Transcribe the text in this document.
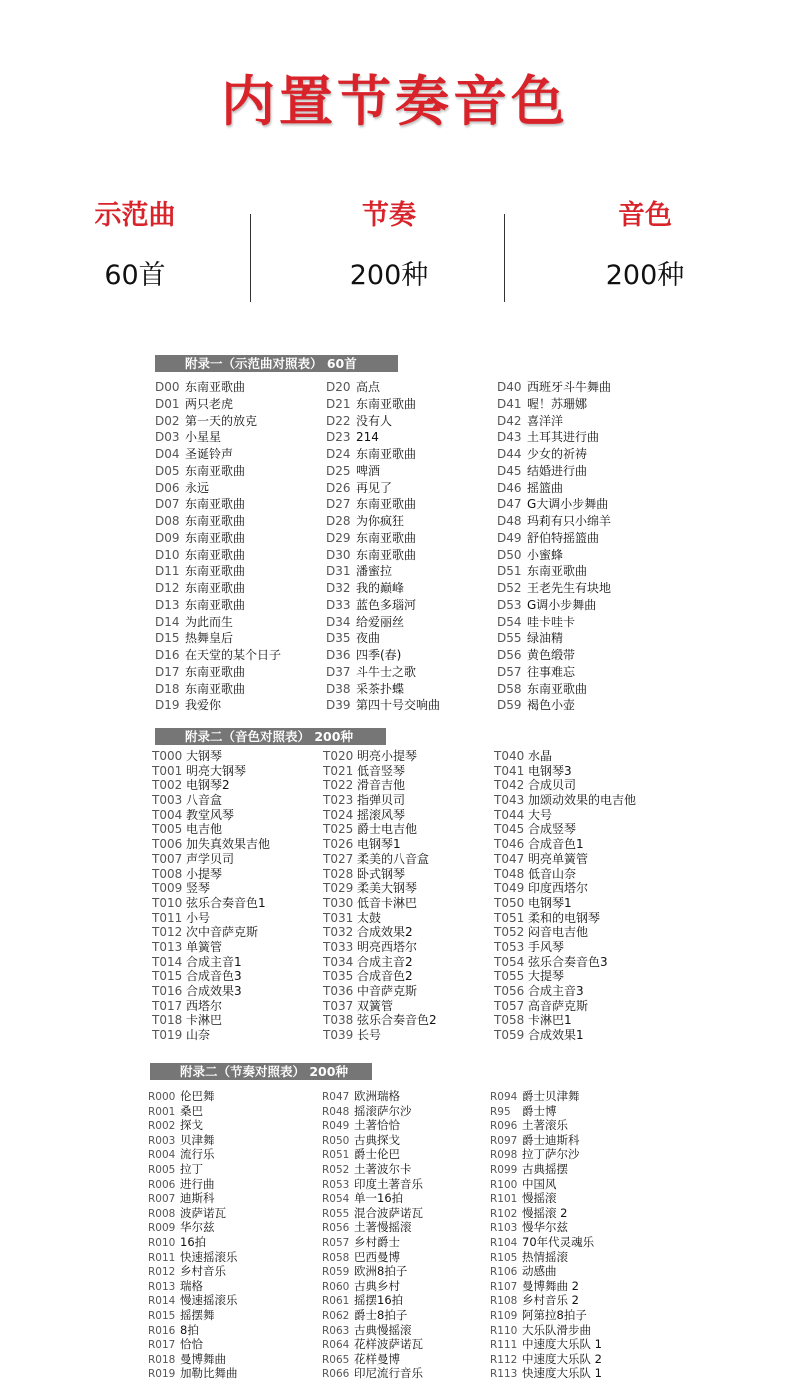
内置节奏音色
示范曲
60首
节奏
200种
音色
200种
附录一（示范曲对照表） 60首
D00 东南亚歌曲
D01 两只老虎
D02 第一天的放克
D03 小星星
D04 圣诞铃声
D05 东南亚歌曲
D06 永远
D07 东南亚歌曲
D08 东南亚歌曲
D09 东南亚歌曲
D10 东南亚歌曲
D11 东南亚歌曲
D12 东南亚歌曲
D13 东南亚歌曲
D14 为此而生
D15 热舞皇后
D16 在天堂的某个日子
D17 东南亚歌曲
D18 东南亚歌曲
D19 我爱你
D20 高点
D21 东南亚歌曲
D22 没有人
D23 214
D24 东南亚歌曲
D25 啤酒
D26 再见了
D27 东南亚歌曲
D28 为你疯狂
D29 东南亚歌曲
D30 东南亚歌曲
D31 潘蜜拉
D32 我的巅峰
D33 蓝色多瑙河
D34 给爱丽丝
D35 夜曲
D36 四季(春)
D37 斗牛士之歌
D38 采茶扑蝶
D39 第四十号交响曲
D40 西班牙斗牛舞曲
D41 喔！苏珊娜
D42 喜洋洋
D43 土耳其进行曲
D44 少女的祈祷
D45 结婚进行曲
D46 摇篮曲
D47 G大调小步舞曲
D48 玛莉有只小绵羊
D49 舒伯特摇篮曲
D50 小蜜蜂
D51 东南亚歌曲
D52 王老先生有块地
D53 G调小步舞曲
D54 哇卡哇卡
D55 绿油精
D56 黄色缎带
D57 往事难忘
D58 东南亚歌曲
D59 褐色小壶
附录二（音色对照表） 200种
T000 大钢琴
T001 明亮大钢琴
T002 电钢琴2
T003 八音盒
T004 教堂风琴
T005 电吉他
T006 加失真效果吉他
T007 声学贝司
T008 小提琴
T009 竖琴
T010 弦乐合奏音色1
T011 小号
T012 次中音萨克斯
T013 单簧管
T014 合成主音1
T015 合成音色3
T016 合成效果3
T017 西塔尔
T018 卡淋巴
T019 山奈
T020 明亮小提琴
T021 低音竖琴
T022 滑音吉他
T023 指弹贝司
T024 摇滚风琴
T025 爵士电吉他
T026 电钢琴1
T027 柔美的八音盒
T028 卧式钢琴
T029 柔美大钢琴
T030 低音卡淋巴
T031 太鼓
T032 合成效果2
T033 明亮西塔尔
T034 合成主音2
T035 合成音色2
T036 中音萨克斯
T037 双簧管
T038 弦乐合奏音色2
T039 长号
T040 水晶
T041 电钢琴3
T042 合成贝司
T043 加颂动效果的电吉他
T044 大号
T045 合成竖琴
T046 合成音色1
T047 明亮单簧管
T048 低音山奈
T049 印度西塔尔
T050 电钢琴1
T051 柔和的电钢琴
T052 闷音电吉他
T053 手风琴
T054 弦乐合奏音色3
T055 大提琴
T056 合成主音3
T057 高音萨克斯
T058 卡淋巴1
T059 合成效果1
附录二（节奏对照表） 200种
R000 伦巴舞
R001 桑巴
R002 探戈
R003 贝津舞
R004 流行乐
R005 拉丁
R006 进行曲
R007 迪斯科
R008 波萨诺瓦
R009 华尔兹
R010 16拍
R011 快速摇滚乐
R012 乡村音乐
R013 瑞格
R014 慢速摇滚乐
R015 摇摆舞
R016 8拍
R017 恰恰
R018 曼博舞曲
R019 加勒比舞曲
R047 欧洲瑞格
R048 摇滚萨尔沙
R049 土著恰恰
R050 古典探戈
R051 爵士伦巴
R052 土著波尔卡
R053 印度土著音乐
R054 单一16拍
R055 混合波萨诺瓦
R056 土著慢摇滚
R057 乡村爵士
R058 巴西曼博
R059 欧洲8拍子
R060 古典乡村
R061 摇摆16拍
R062 爵士8拍子
R063 古典慢摇滚
R064 花样波萨诺瓦
R065 花样曼博
R066 印尼流行音乐
R094 爵士贝津舞
R95 爵士博
R096 土著滚乐
R097 爵士迪斯科
R098 拉丁萨尔沙
R099 古典摇摆
R100 中国风
R101 慢摇滚
R102 慢摇滚 2
R103 慢华尔兹
R104 70年代灵魂乐
R105 热情摇滚
R106 动感曲
R107 曼博舞曲 2
R108 乡村音乐 2
R109 阿第拉8拍子
R110 大乐队滑步曲
R111 中速度大乐队 1
R112 中速度大乐队 2
R113 快速度大乐队 1
